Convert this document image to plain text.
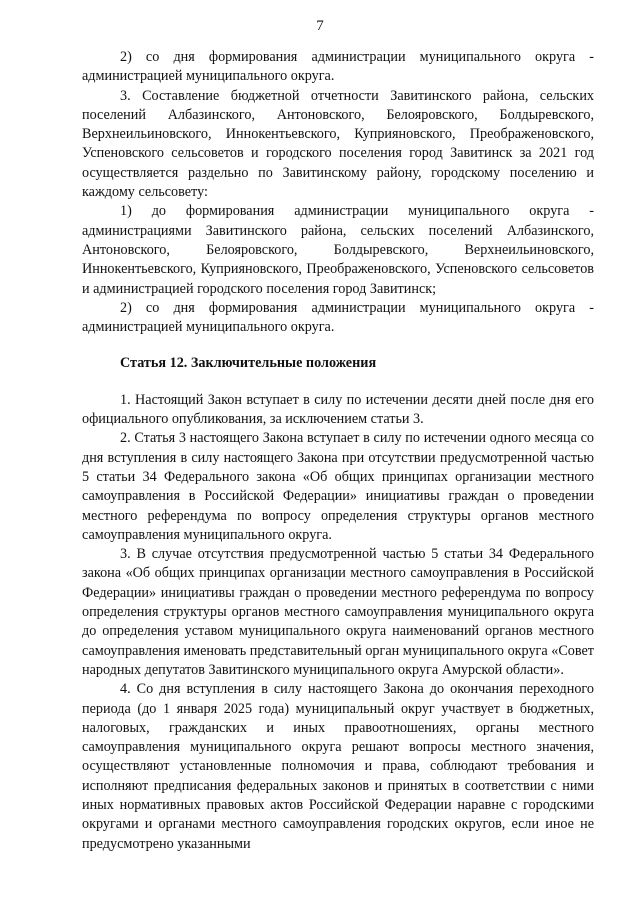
7

2) со дня формирования администрации муниципального округа - администрацией муниципального округа.

3. Составление бюджетной отчетности Завитинского района, сельских поселений Албазинского, Антоновского, Белояровского, Болдыревского, Верхнеильиновского, Иннокентьевского, Куприяновского, Преображеновского, Успеновского сельсоветов и городского поселения город Завитинск за 2021 год осуществляется раздельно по Завитинскому району, городскому поселению и каждому сельсовету:

1) до формирования администрации муниципального округа - администрациями Завитинского района, сельских поселений Албазинского, Антоновского, Белояровского, Болдыревского, Верхнеильиновского, Иннокентьевского, Куприяновского, Преображеновского, Успеновского сельсоветов и администрацией городского поселения город Завитинск;

2) со дня формирования администрации муниципального округа - администрацией муниципального округа.

Статья 12. Заключительные положения

1. Настоящий Закон вступает в силу по истечении десяти дней после дня его официального опубликования, за исключением статьи 3.

2. Статья 3 настоящего Закона вступает в силу по истечении одного месяца со дня вступления в силу настоящего Закона при отсутствии предусмотренной частью 5 статьи 34 Федерального закона «Об общих принципах организации местного самоуправления в Российской Федерации» инициативы граждан о проведении местного референдума по вопросу определения структуры органов местного самоуправления муниципального округа.

3. В случае отсутствия предусмотренной частью 5 статьи 34 Федерального закона «Об общих принципах организации местного самоуправления в Российской Федерации» инициативы граждан о проведении местного референдума по вопросу определения структуры органов местного самоуправления муниципального округа до определения уставом муниципального округа наименований органов местного самоуправления именовать представительный орган муниципального округа «Совет народных депутатов Завитинского муниципального округа Амурской области».

4. Со дня вступления в силу настоящего Закона до окончания переходного периода (до 1 января 2025 года) муниципальный округ участвует в бюджетных, налоговых, гражданских и иных правоотношениях, органы местного самоуправления муниципального округа решают вопросы местного значения, осуществляют установленные полномочия и права, соблюдают требования и исполняют предписания федеральных законов и принятых в соответствии с ними иных нормативных правовых актов Российской Федерации наравне с городскими округами и органами местного самоуправления городских округов, если иное не предусмотрено указанными
